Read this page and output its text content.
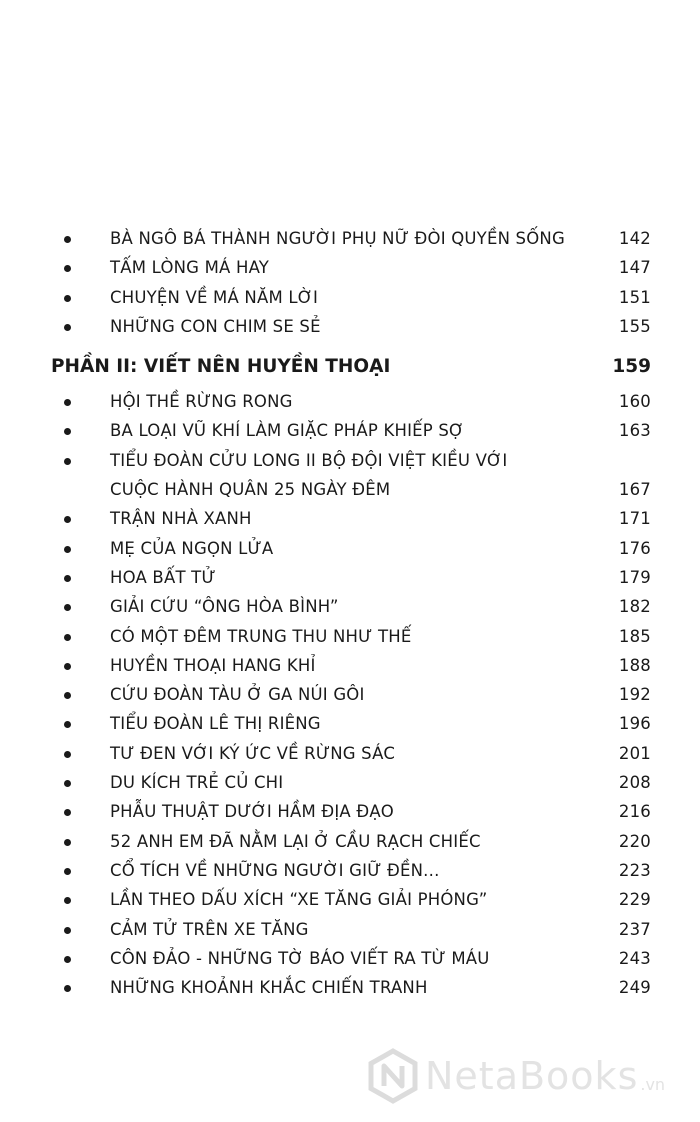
BÀ NGÔ BÁ THÀNH NGƯỜI PHỤ NỮ ĐÒI QUYỀN SỐNG	142
TẤM LÒNG MÁ HAY	147
CHUYỆN VỀ MÁ NĂM LỜI	151
NHỮNG CON CHIM SE SẺ	155
PHẦN II: VIẾT NÊN HUYỀN THOẠI	159
HỘI THỀ RỪNG RONG	160
BA LOẠI VŨ KHÍ LÀM GIẶC PHÁP KHIẾP SỢ	163
TIỂU ĐOÀN CỬU LONG II BỘ ĐỘI VIỆT KIỀU VỚI
CUỘC HÀNH QUÂN 25 NGÀY ĐÊM	167
TRẬN NHÀ XANH	171
MẸ CỦA NGỌN LỬA	176
HOA BẤT TỬ	179
GIẢI CỨU “ÔNG HÒA BÌNH”	182
CÓ MỘT ĐÊM TRUNG THU NHƯ THẾ	185
HUYỀN THOẠI HANG KHỈ	188
CỨU ĐOÀN TÀU Ở GA NÚI GÔI	192
TIỂU ĐOÀN LÊ THỊ RIÊNG	196
TƯ ĐEN VỚI KÝ ỨC VỀ RỪNG SÁC	201
DU KÍCH TRẺ CỦ CHI	208
PHẪU THUẬT DƯỚI HẦM ĐỊA ĐẠO	216
52 ANH EM ĐÃ NẰM LẠI Ở CẦU RẠCH CHIẾC	220
CỔ TÍCH VỀ NHỮNG NGƯỜI GIỮ ĐỀN...	223
LẦN THEO DẤU XÍCH “XE TĂNG GIẢI PHÓNG”	229
CẢM TỬ TRÊN XE TĂNG	237
CÔN ĐẢO - NHỮNG TỜ BÁO VIẾT RA TỪ MÁU	243
NHỮNG KHOẢNH KHẮC CHIẾN TRANH	249
NetaBooks .vn
